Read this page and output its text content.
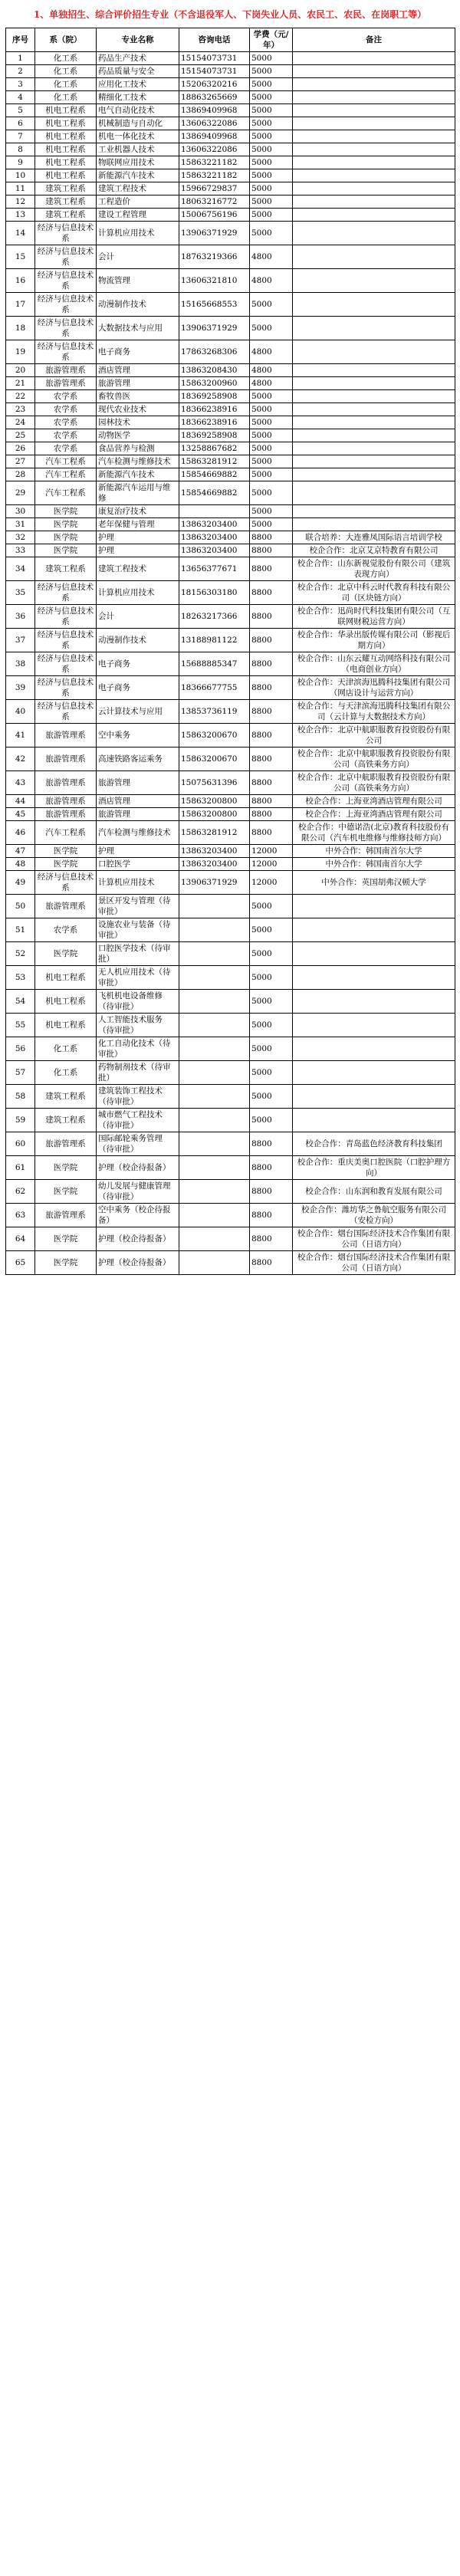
1、单独招生、综合评价招生专业（不含退役军人、下岗失业人员、农民工、农民、在岗职工等）
序号	系（院）	专业名称	咨询电话	学费（元/年）	备注
1	化工系	药品生产技术	15154073731	5000	
2	化工系	药品质量与安全	15154073731	5000	
3	化工系	应用化工技术	15206320216	5000	
4	化工系	精细化工技术	18863265669	5000	
5	机电工程系	电气自动化技术	13869409968	5000	
6	机电工程系	机械制造与自动化	13606322086	5000	
7	机电工程系	机电一体化技术	13869409968	5000	
8	机电工程系	工业机器人技术	13606322086	5000	
9	机电工程系	物联网应用技术	15863221182	5000	
10	机电工程系	新能源汽车技术	15863221182	5000	
11	建筑工程系	建筑工程技术	15966729837	5000	
12	建筑工程系	工程造价	18063216772	5000	
13	建筑工程系	建设工程管理	15006756196	5000	
14	经济与信息技术系	计算机应用技术	13906371929	5000	
15	经济与信息技术系	会计	18763219366	4800	
16	经济与信息技术系	物流管理	13606321810	4800	
17	经济与信息技术系	动漫制作技术	15165668553	5000	
18	经济与信息技术系	大数据技术与应用	13906371929	5000	
19	经济与信息技术系	电子商务	17863268306	4800	
20	旅游管理系	酒店管理	13863208430	4800	
21	旅游管理系	旅游管理	15863200960	4800	
22	农学系	畜牧兽医	18369258908	5000	
23	农学系	现代农业技术	18366238916	5000	
24	农学系	园林技术	18366238916	5000	
25	农学系	动物医学	18369258908	5000	
26	农学系	食品营养与检测	13258867682	5000	
27	汽车工程系	汽车检测与维修技术	15863281912	5000	
28	汽车工程系	新能源汽车技术	15854669882	5000	
29	汽车工程系	新能源汽车运用与维修	15854669882	5000	
30	医学院	康复治疗技术		5000	
31	医学院	老年保健与管理	13863203400	5000	
32	医学院	护理	13863203400	8800	联合培养：大连雅凤国际语言培训学校
33	医学院	护理	13863203400	8800	校企合作：北京艾京特教育有限公司
34	建筑工程系	建筑工程技术	13656377671	8800	校企合作：山东新视觉股份有限公司（建筑表现方向）
35	经济与信息技术系	计算机应用技术	18156303180	8800	校企合作：北京中科云时代教育科技有限公司（区块链方向）
36	经济与信息技术系	会计	18263217366	8800	校企合作：迅尚时代科技集团有限公司（互联网财税运营方向）
37	经济与信息技术系	动漫制作技术	13188981122	8800	校企合作：华录出版传媒有限公司（影视后期方向）
38	经济与信息技术系	电子商务	15688885347	8800	校企合作：山东云耀互动网络科技有限公司（电商创业方向）
39	经济与信息技术系	电子商务	18366677755	8800	校企合作：天津滨海迅腾科技集团有限公司（网店设计与运营方向）
40	经济与信息技术系	云计算技术与应用	13853736119	8800	校企合作：与天津滨海迅腾科技集团有限公司（云计算与大数据技术方向）
41	旅游管理系	空中乘务	15863200670	8800	校企合作：北京中航职服教育投资股份有限公司
42	旅游管理系	高速铁路客运乘务	15863200670	8800	校企合作：北京中航职服教育投资股份有限公司（高铁乘务方向）
43	旅游管理系	旅游管理	15075631396	8800	校企合作：北京中航职服教育投资股份有限公司（高铁乘务方向）
44	旅游管理系	酒店管理	15863200800	8800	校企合作：上海亚湾酒店管理有限公司
45	旅游管理系	旅游管理	15863200800	8800	校企合作：上海亚湾酒店管理有限公司
46	汽车工程系	汽车检测与维修技术	15863281912	8800	校企合作：中德诺浩(北京)教育科技股份有限公司（汽车机电维修与维修技师方向）
47	医学院	护理	13863203400	12000	中外合作：韩国南首尔大学
48	医学院	口腔医学	13863203400	12000	中外合作：韩国南首尔大学
49	经济与信息技术系	计算机应用技术	13906371929	12000	中外合作：英国胡弗汉顿大学
50	旅游管理系	景区开发与管理（待审批）		5000	
51	农学系	设施农业与装备（待审批）		5000	
52	医学院	口腔医学技术（待审批）		5000	
53	机电工程系	无人机应用技术（待审批）		5000	
54	机电工程系	飞机机电设备维修（待审批）		5000	
55	机电工程系	人工智能技术服务（待审批）		5000	
56	化工系	化工自动化技术（待审批）		5000	
57	化工系	药物制剂技术（待审批）		5000	
58	建筑工程系	建筑装饰工程技术（待审批）		5000	
59	建筑工程系	城市燃气工程技术（待审批）		5000	
60	旅游管理系	国际邮轮乘务管理（待审批）		8800	校企合作：青岛蓝色经济教育科技集团
61	医学院	护理（校企待报备）		8800	校企合作：重庆美奥口腔医院（口腔护理方向）
62	医学院	幼儿发展与健康管理（待审批）		8800	校企合作：山东润和教育发展有限公司
63	旅游管理系	空中乘务（校企待报备）		8800	校企合作：潍坊华之鲁航空服务有限公司（安检方向）
64	医学院	护理（校企待报备）		8800	校企合作：烟台国际经济技术合作集团有限公司（日语方向）
65	医学院	护理（校企待报备）		8800	校企合作：烟台国际经济技术合作集团有限公司（日语方向）
